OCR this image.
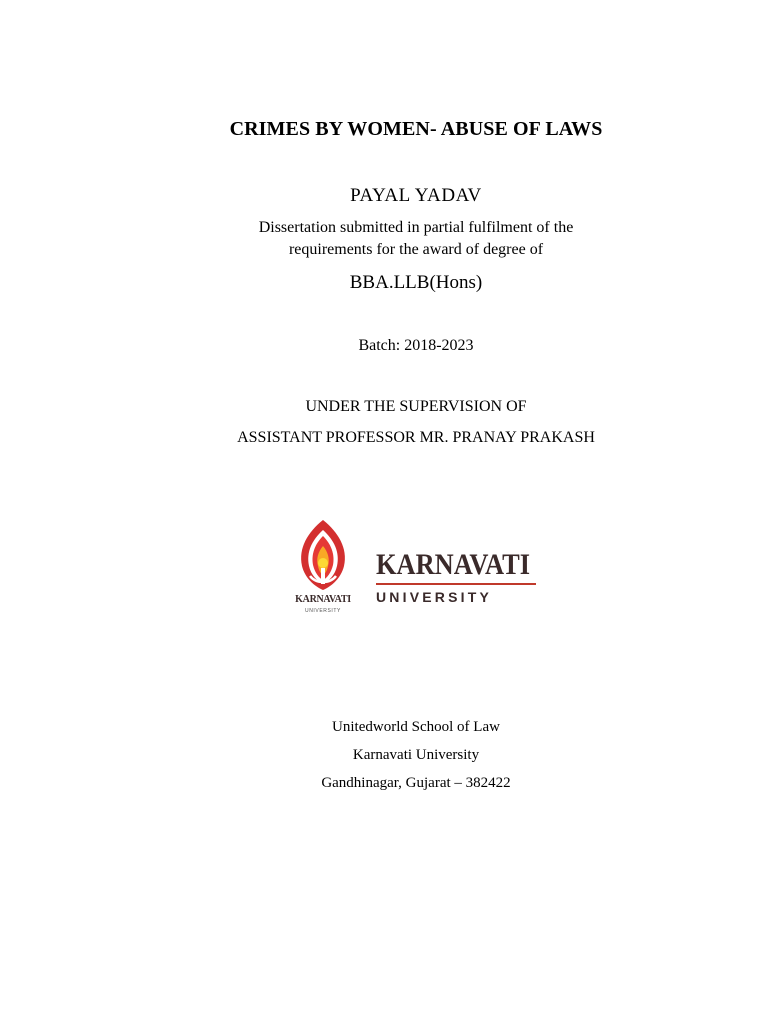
CRIMES BY WOMEN- ABUSE OF LAWS
PAYAL YADAV
Dissertation submitted in partial fulfilment of the
requirements for the award of degree of
BBA.LLB(Hons)
Batch: 2018-2023
UNDER THE SUPERVISION OF
ASSISTANT PROFESSOR MR. PRANAY PRAKASH
KARNAVATI
UNIVERSITY
KARNAVATI
UNIVERSITY
Unitedworld School of Law
Karnavati University
Gandhinagar, Gujarat – 382422
